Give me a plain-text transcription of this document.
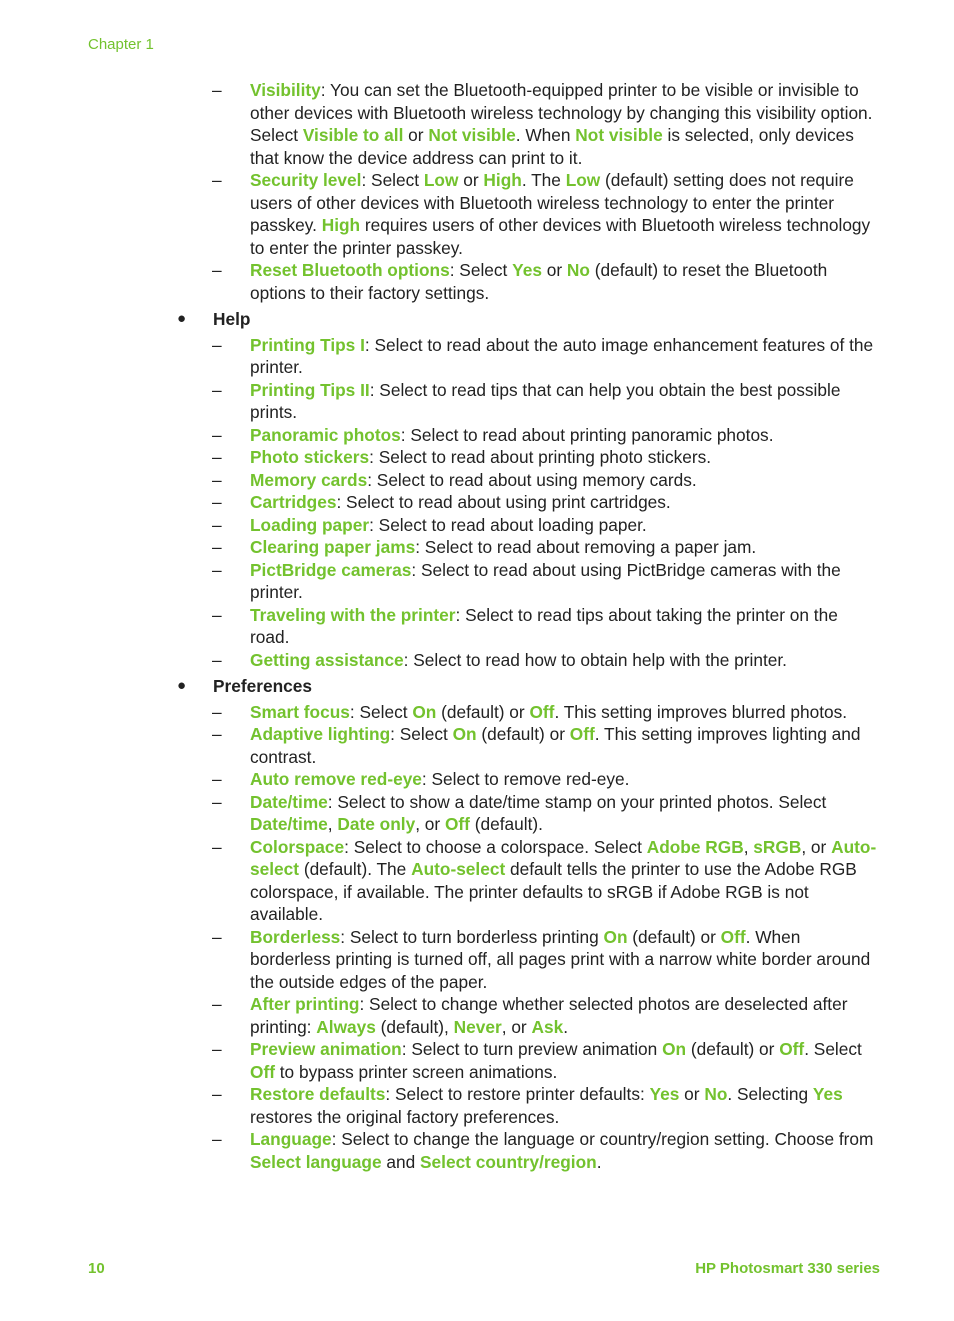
Chapter 1
– Visibility: You can set the Bluetooth-equipped printer to be visible or invisible to other devices with Bluetooth wireless technology by changing this visibility option. Select Visible to all or Not visible. When Not visible is selected, only devices that know the device address can print to it.
– Security level: Select Low or High. The Low (default) setting does not require users of other devices with Bluetooth wireless technology to enter the printer passkey. High requires users of other devices with Bluetooth wireless technology to enter the printer passkey.
– Reset Bluetooth options: Select Yes or No (default) to reset the Bluetooth options to their factory settings.
● Help
– Printing Tips I: Select to read about the auto image enhancement features of the printer.
– Printing Tips II: Select to read tips that can help you obtain the best possible prints.
– Panoramic photos: Select to read about printing panoramic photos.
– Photo stickers: Select to read about printing photo stickers.
– Memory cards: Select to read about using memory cards.
– Cartridges: Select to read about using print cartridges.
– Loading paper: Select to read about loading paper.
– Clearing paper jams: Select to read about removing a paper jam.
– PictBridge cameras: Select to read about using PictBridge cameras with the printer.
– Traveling with the printer: Select to read tips about taking the printer on the road.
– Getting assistance: Select to read how to obtain help with the printer.
● Preferences
– Smart focus: Select On (default) or Off. This setting improves blurred photos.
– Adaptive lighting: Select On (default) or Off. This setting improves lighting and contrast.
– Auto remove red-eye: Select to remove red-eye.
– Date/time: Select to show a date/time stamp on your printed photos. Select Date/time, Date only, or Off (default).
– Colorspace: Select to choose a colorspace. Select Adobe RGB, sRGB, or Auto-select (default). The Auto-select default tells the printer to use the Adobe RGB colorspace, if available. The printer defaults to sRGB if Adobe RGB is not available.
– Borderless: Select to turn borderless printing On (default) or Off. When borderless printing is turned off, all pages print with a narrow white border around the outside edges of the paper.
– After printing: Select to change whether selected photos are deselected after printing: Always (default), Never, or Ask.
– Preview animation: Select to turn preview animation On (default) or Off. Select Off to bypass printer screen animations.
– Restore defaults: Select to restore printer defaults: Yes or No. Selecting Yes restores the original factory preferences.
– Language: Select to change the language or country/region setting. Choose from Select language and Select country/region.
10	HP Photosmart 330 series
